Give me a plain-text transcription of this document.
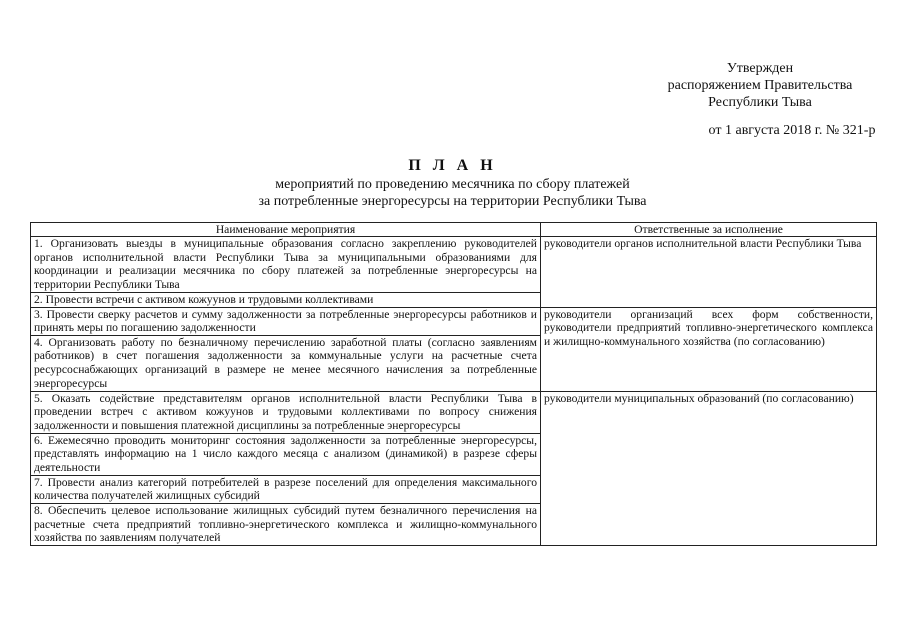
Утвержден
распоряжением Правительства
Республики Тыва
от 1 августа 2018 г. № 321-р
П Л А Н
мероприятий по проведению месячника по сбору платежей
за потребленные энергоресурсы на территории Республики Тыва
Наименование мероприятия	Ответственные за исполнение
1. Организовать выезды в муниципальные образования согласно закреплению руководителей органов исполнительной власти Республики Тыва за муниципальными образованиями для координации и реализации месячника по сбору платежей за потребленные энергоресурсы на территории Республики Тыва	руководители органов исполнительной власти Республики Тыва
2. Провести встречи с активом кожуунов и трудовыми коллективами	
3. Провести сверку расчетов и сумму задолженности за потребленные энергоресурсы работников и принять меры по погашению задолженности	руководители организаций всех форм собственности, руководители предприятий топливно-энергетического комплекса и жилищно-коммунального хозяйства (по согласованию)
4. Организовать работу по безналичному перечислению заработной платы (согласно заявлениям работников) в счет погашения задолженности за коммунальные услуги на расчетные счета ресурсоснабжающих организаций в размере не менее месячного начисления за потребленные энергоресурсы	
5. Оказать содействие представителям органов исполнительной власти Республики Тыва в проведении встреч с активом кожуунов и трудовыми коллективами по вопросу снижения задолженности и повышения платежной дисциплины за потребленные энергоресурсы	руководители муниципальных образований (по согласованию)
6. Ежемесячно проводить мониторинг состояния задолженности за потребленные энергоресурсы, представлять информацию на 1 число каждого месяца с анализом (динамикой) в разрезе сферы деятельности	
7. Провести анализ категорий потребителей в разрезе поселений для определения максимального количества получателей жилищных субсидий	
8. Обеспечить целевое использование жилищных субсидий путем безналичного перечисления на расчетные счета предприятий топливно-энергетического комплекса и жилищно-коммунального хозяйства по заявлениям получателей	
